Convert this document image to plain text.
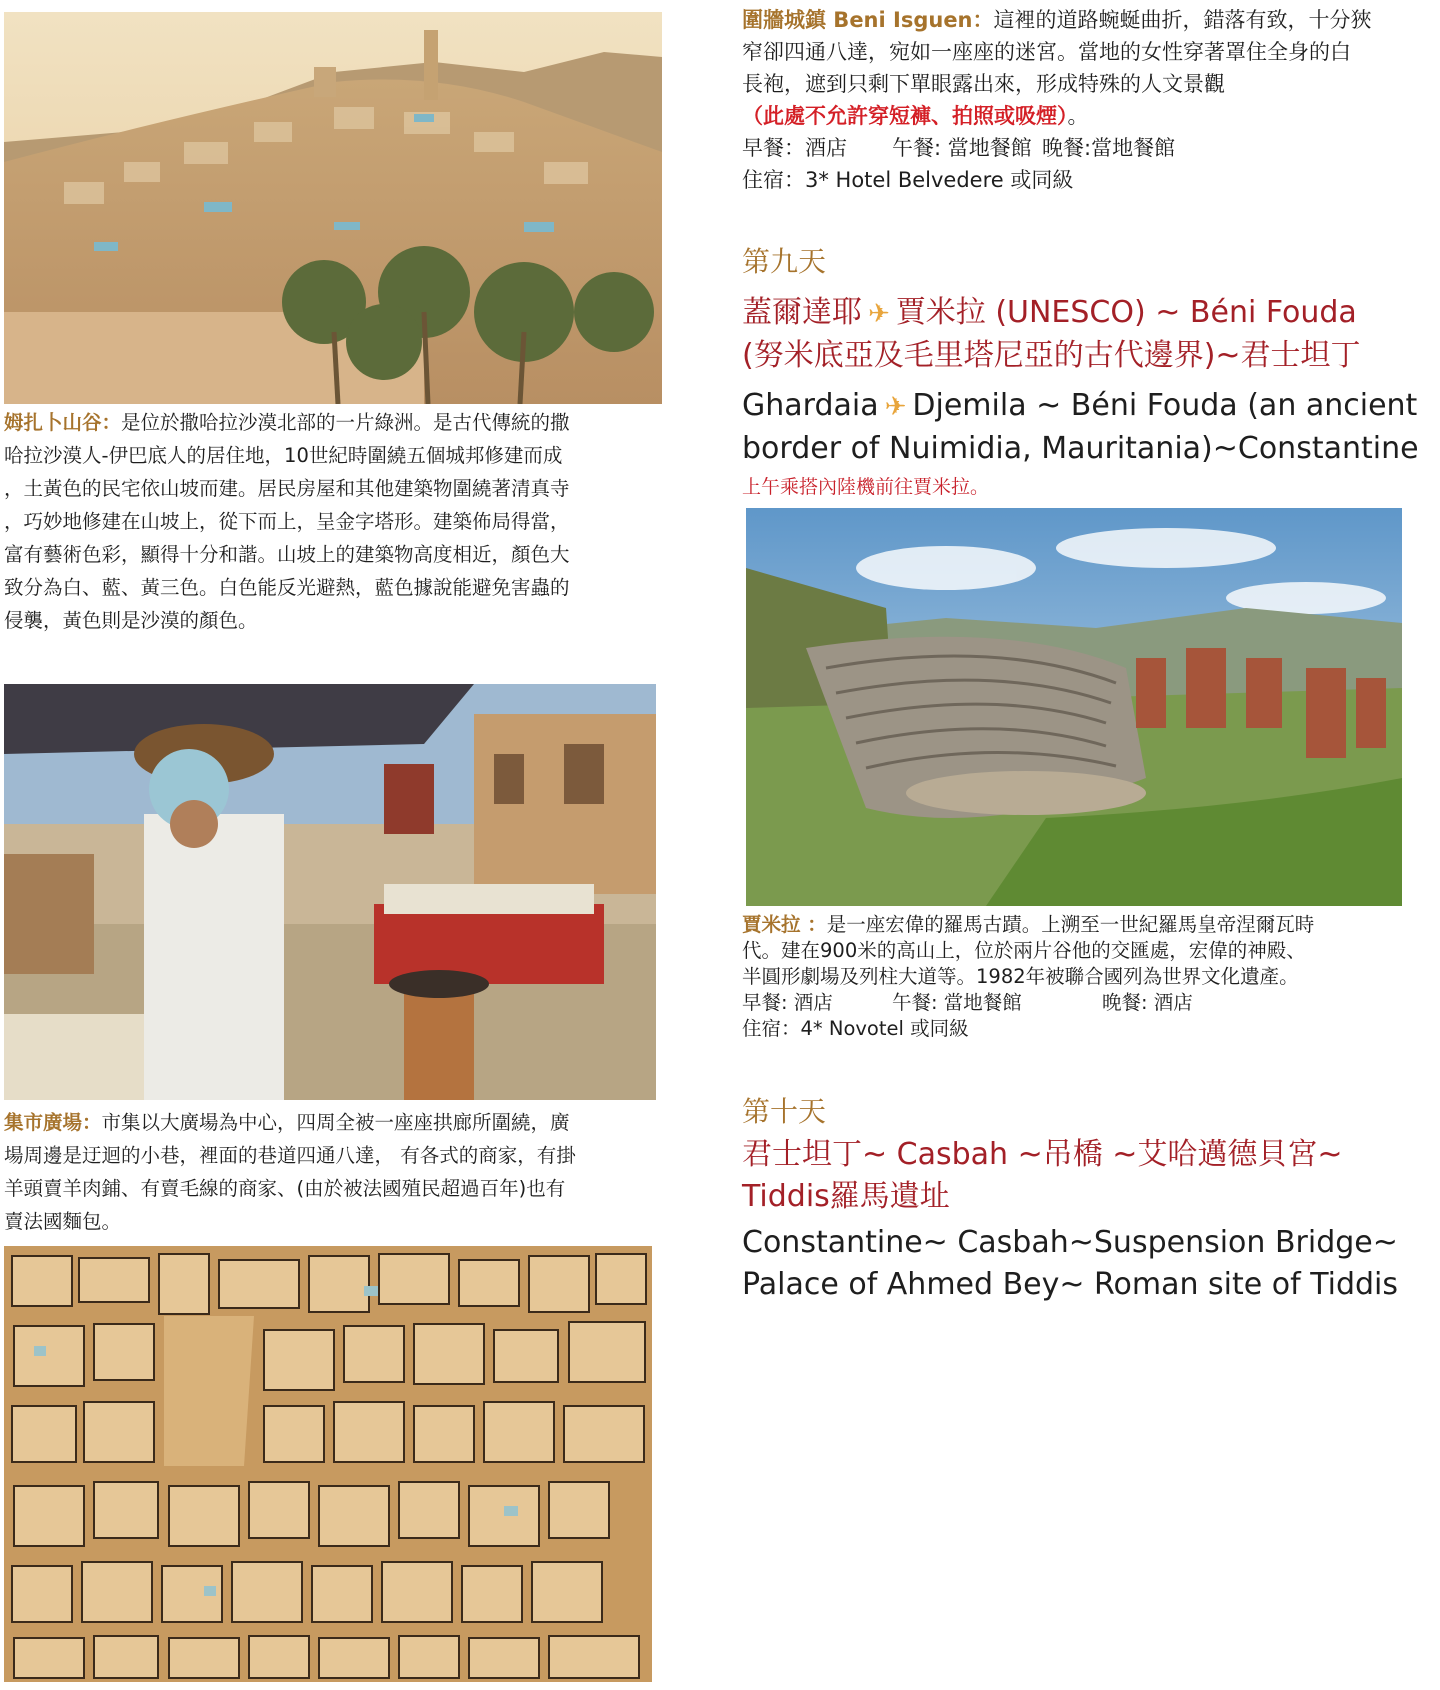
姆扎卜山谷：是位於撒哈拉沙漠北部的一片綠洲。是古代傳統的撒
哈拉沙漠人-伊巴底人的居住地，10世紀時圍繞五個城邦修建而成
，土黃色的民宅依山坡而建。居民房屋和其他建築物圍繞著清真寺
，巧妙地修建在山坡上，從下而上，呈金字塔形。建築佈局得當，
富有藝術色彩，顯得十分和諧。山坡上的建築物高度相近，顏色大
致分為白、藍、黃三色。白色能反光避熱，藍色據說能避免害蟲的
侵襲，黃色則是沙漠的顏色。
集市廣場：市集以大廣場為中心，四周全被一座座拱廊所圍繞，廣
場周邊是迂迴的小巷，裡面的巷道四通八達， 有各式的商家，有掛
羊頭賣羊肉鋪、有賣毛線的商家、(由於被法國殖民超過百年)也有
賣法國麵包。
圍牆城鎮 Beni Isguen：這裡的道路蜿蜒曲折，錯落有致，十分狹
窄卻四通八達，宛如一座座的迷宮。當地的女性穿著罩住全身的白
長袍，遮到只剩下單眼露出來，形成特殊的人文景觀
（此處不允許穿短褲、拍照或吸煙）。
早餐：酒店	午餐: 當地餐館 晚餐:當地餐館
住宿：3* Hotel Belvedere 或同級
第九天
蓋爾達耶 ✈ 賈米拉 (UNESCO) ~ Béni Fouda
(努米底亞及毛里塔尼亞的古代邊界)~君士坦丁
Ghardaia ✈ Djemila ~ Béni Fouda (an ancient
border of Nuimidia, Mauritania)~Constantine
上午乘搭內陸機前往賈米拉。
賈米拉 ：是一座宏偉的羅馬古蹟。上溯至一世紀羅馬皇帝涅爾瓦時
代。建在900米的高山上，位於兩片谷他的交匯處，宏偉的神殿、
半圓形劇場及列柱大道等。1982年被聯合國列為世界文化遺產。
早餐: 酒店	午餐: 當地餐館	晚餐: 酒店
住宿：4* Novotel 或同級
第十天
君士坦丁~ Casbah ~吊橋 ~艾哈邁德貝宮~
Tiddis羅馬遺址
Constantine~ Casbah~Suspension Bridge~
Palace of Ahmed Bey~ Roman site of Tiddis
